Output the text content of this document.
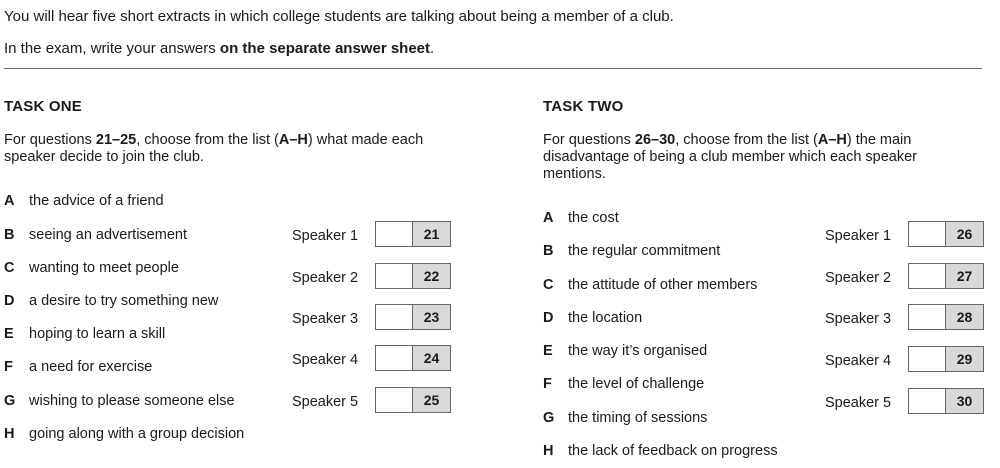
You will hear five short extracts in which college students are talking about being a member of a club.
In the exam, write your answers on the separate answer sheet.
TASK ONE
For questions 21–25, choose from the list (A–H) what made each speaker decide to join the club.
A the advice of a friend
B seeing an advertisement
C wanting to meet people
D a desire to try something new
E hoping to learn a skill
F a need for exercise
G wishing to please someone else
H going along with a group decision
Speaker 1	21
Speaker 2	22
Speaker 3	23
Speaker 4	24
Speaker 5	25
TASK TWO
For questions 26–30, choose from the list (A–H) the main disadvantage of being a club member which each speaker mentions.
A the cost
B the regular commitment
C the attitude of other members
D the location
E the way it’s organised
F the level of challenge
G the timing of sessions
H the lack of feedback on progress
Speaker 1	26
Speaker 2	27
Speaker 3	28
Speaker 4	29
Speaker 5	30
